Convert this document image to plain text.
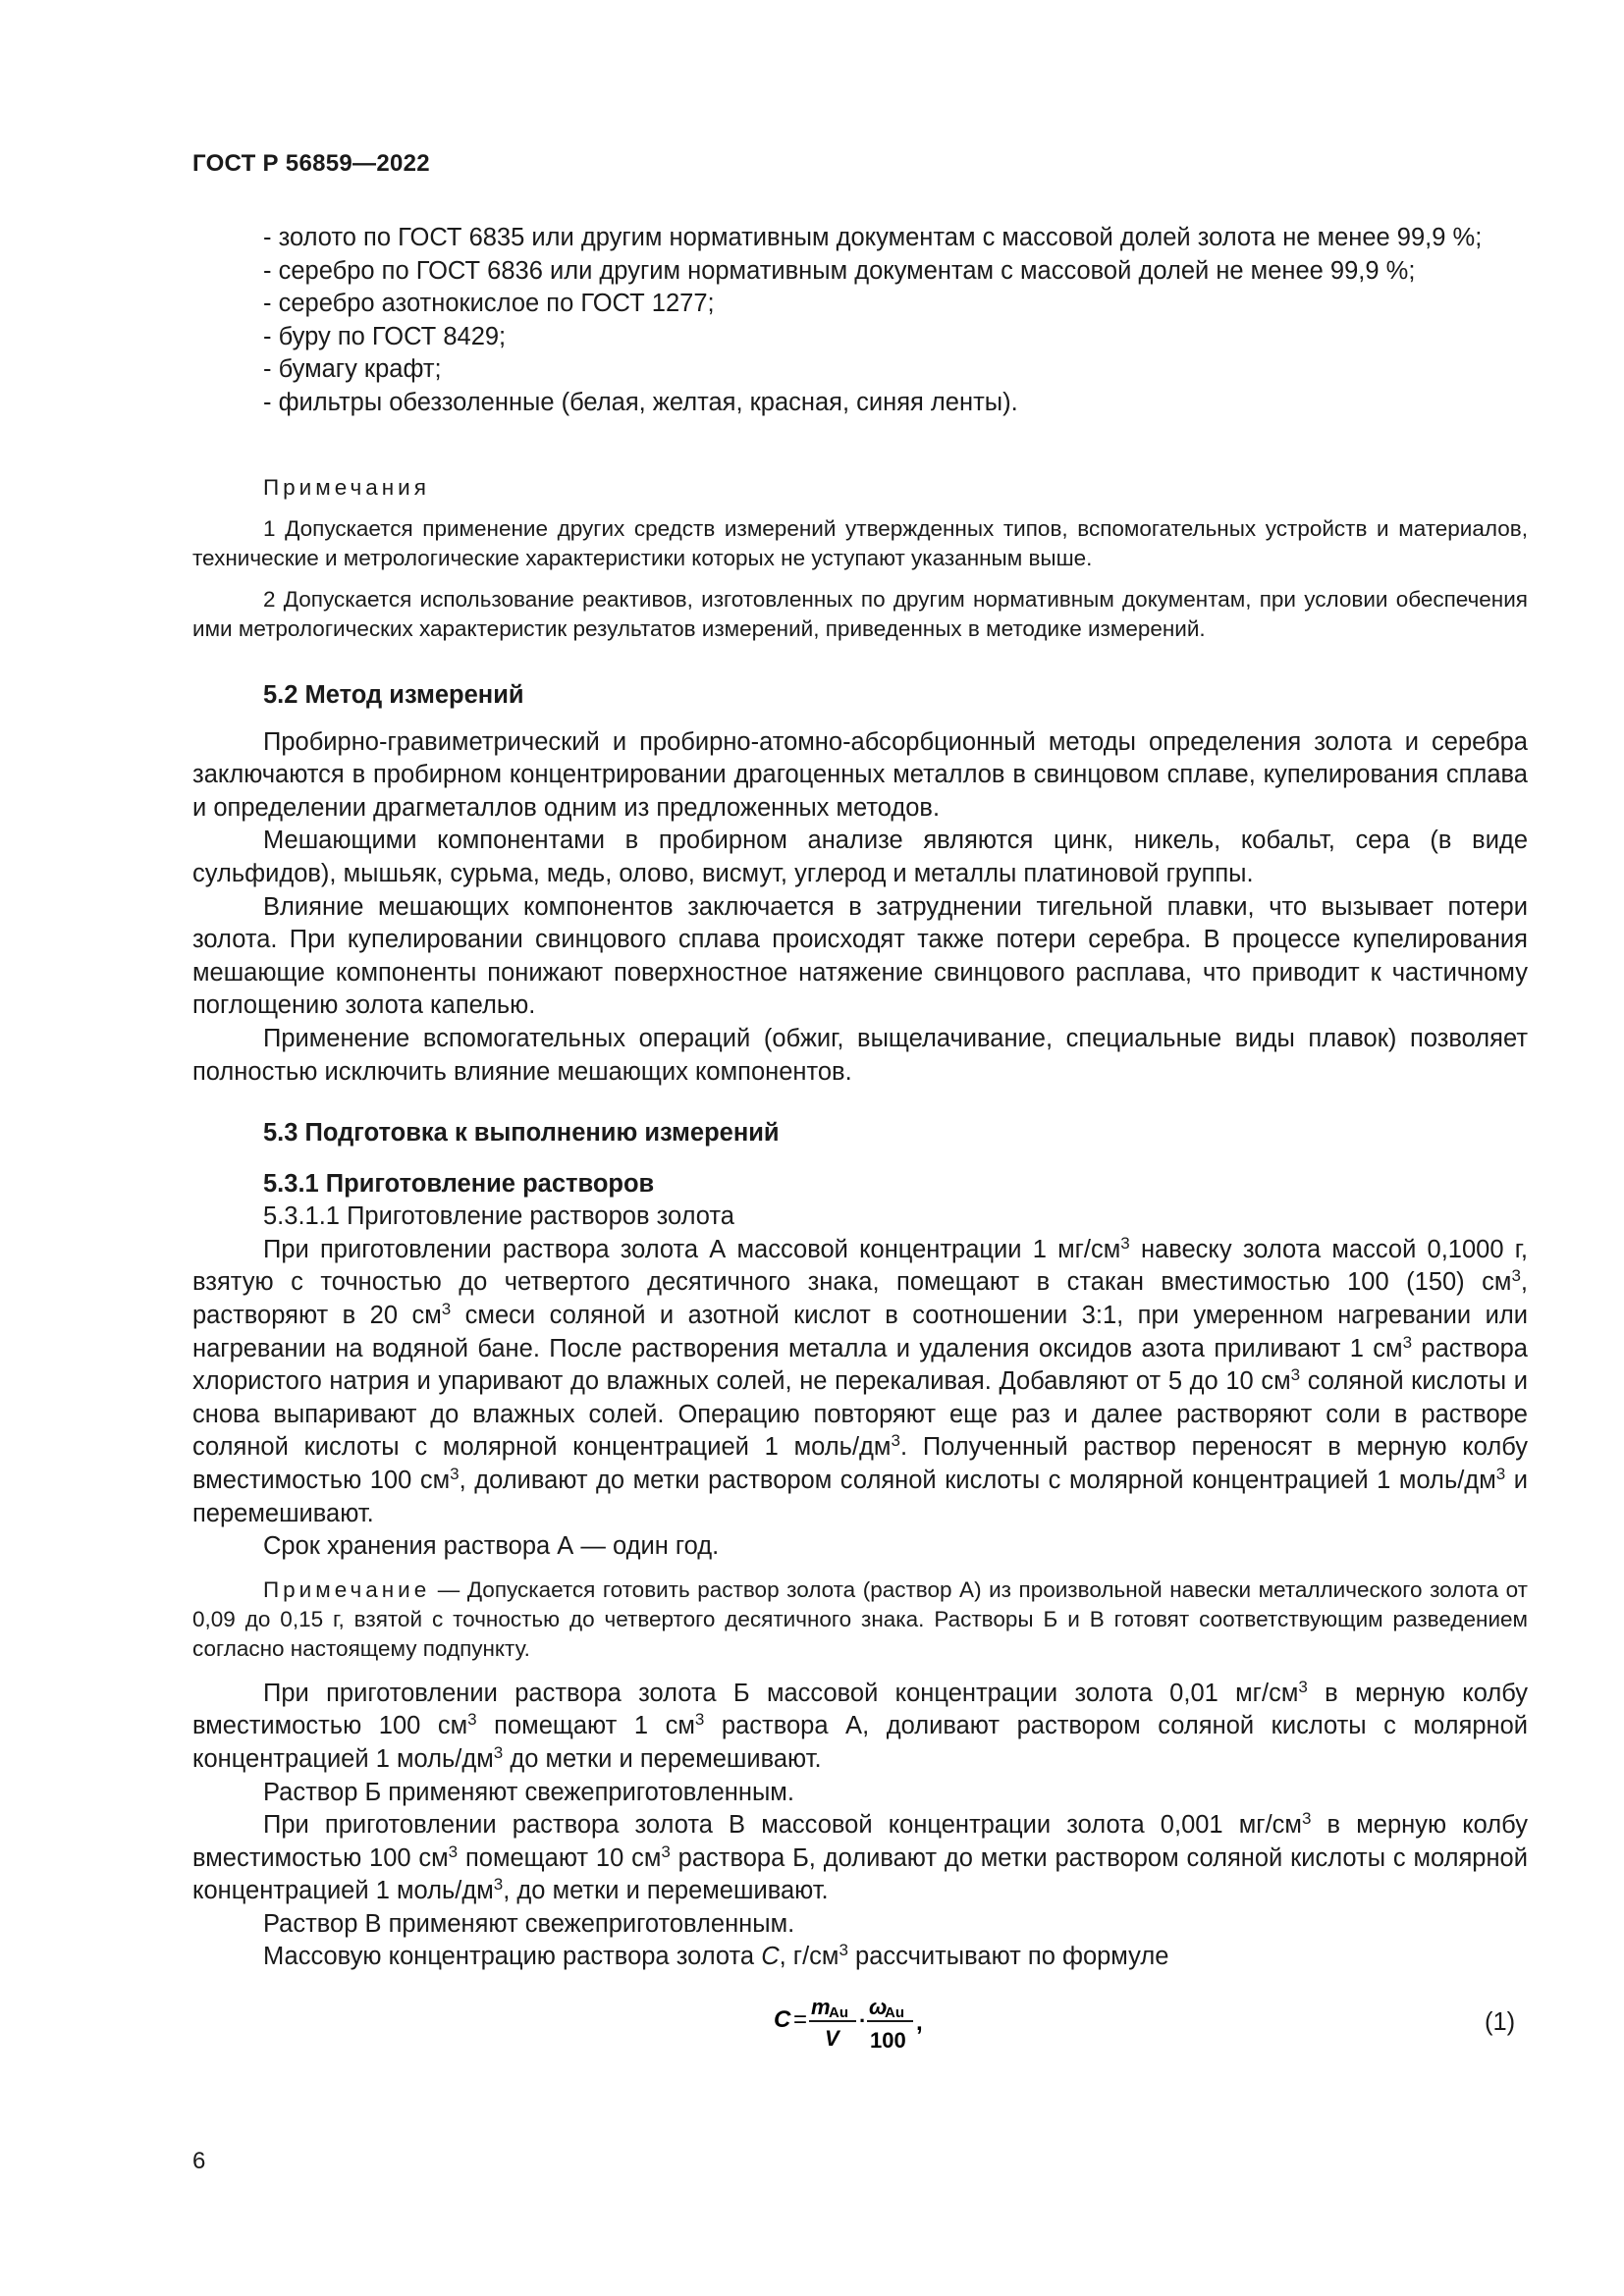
ГОСТ Р 56859—2022

- золото по ГОСТ 6835 или другим нормативным документам с массовой долей золота не менее 99,9 %;

- серебро по ГОСТ 6836 или другим нормативным документам с массовой долей не менее 99,9 %;

- серебро азотнокислое по ГОСТ 1277;

- буру по ГОСТ 8429;

- бумагу крафт;

- фильтры обеззоленные (белая, желтая, красная, синяя ленты).

Примечания

1 Допускается применение других средств измерений утвержденных типов, вспомогательных устройств и материалов, технические и метрологические характеристики которых не уступают указанным выше.

2 Допускается использование реактивов, изготовленных по другим нормативным документам, при условии обеспечения ими метрологических характеристик результатов измерений, приведенных в методике измерений.

5.2 Метод измерений

Пробирно-гравиметрический и пробирно-атомно-абсорбционный методы определения золота и серебра заключаются в пробирном концентрировании драгоценных металлов в свинцовом сплаве, купелирования сплава и определении драгметаллов одним из предложенных методов.

Мешающими компонентами в пробирном анализе являются цинк, никель, кобальт, сера (в виде сульфидов), мышьяк, сурьма, медь, олово, висмут, углерод и металлы платиновой группы.

Влияние мешающих компонентов заключается в затруднении тигельной плавки, что вызывает потери золота. При купелировании свинцового сплава происходят также потери серебра. В процессе купелирования мешающие компоненты понижают поверхностное натяжение свинцового расплава, что приводит к частичному поглощению золота капелью.

Применение вспомогательных операций (обжиг, выщелачивание, специальные виды плавок) позволяет полностью исключить влияние мешающих компонентов.

5.3 Подготовка к выполнению измерений

5.3.1 Приготовление растворов

5.3.1.1 Приготовление растворов золота

При приготовлении раствора золота А массовой концентрации 1 $мг/см^3$ навеску золота массой 0,1000 г, взятую с точностью до четвертого десятичного знака, помещают в стакан вместимостью 100 (150) $см^3$, растворяют в 20 $см^3$ смеси соляной и азотной кислот в соотношении 3:1, при умеренном нагревании или нагревании на водяной бане. После растворения металла и удаления оксидов азота приливают 1 $см^3$ раствора хлористого натрия и упаривают до влажных солей, не перекаливая. Добавляют от 5 до 10 $см^3$ соляной кислоты и снова выпаривают до влажных солей. Операцию повторяют еще раз и далее растворяют соли в растворе соляной кислоты с молярной концентрацией 1 моль/$дм^3$. Полученный раствор переносят в мерную колбу вместимостью 100 $см^3$, доливают до метки раствором соляной кислоты с молярной концентрацией 1 моль/$дм^3$ и перемешивают.

Срок хранения раствора А — один год.

Примечание — Допускается готовить раствор золота (раствор А) из произвольной навески металлического золота от 0,09 до 0,15 г, взятой с точностью до четвертого десятичного знака. Растворы Б и В готовят соответствующим разведением согласно настоящему подпункту.

При приготовлении раствора золота Б массовой концентрации золота 0,01 $мг/см^3$ в мерную колбу вместимостью 100 $см^3$ помещают 1 $см^3$ раствора А, доливают раствором соляной кислоты с молярной концентрацией 1 моль/$дм^3$ до метки и перемешивают.

Раствор Б применяют свежеприготовленным.

При приготовлении раствора золота В массовой концентрации золота 0,001 $мг/см^3$ в мерную колбу вместимостью 100 $см^3$ помещают 10 $см^3$ раствора Б, доливают до метки раствором соляной кислоты с молярной концентрацией 1 моль/$дм^3$, до метки и перемешивают.

Раствор В применяют свежеприготовленным.

Массовую концентрацию раствора золота С, $г/см^3$ рассчитывают по формуле

C = m
Au
V
·
ω
Au
100
,	(1)
6
